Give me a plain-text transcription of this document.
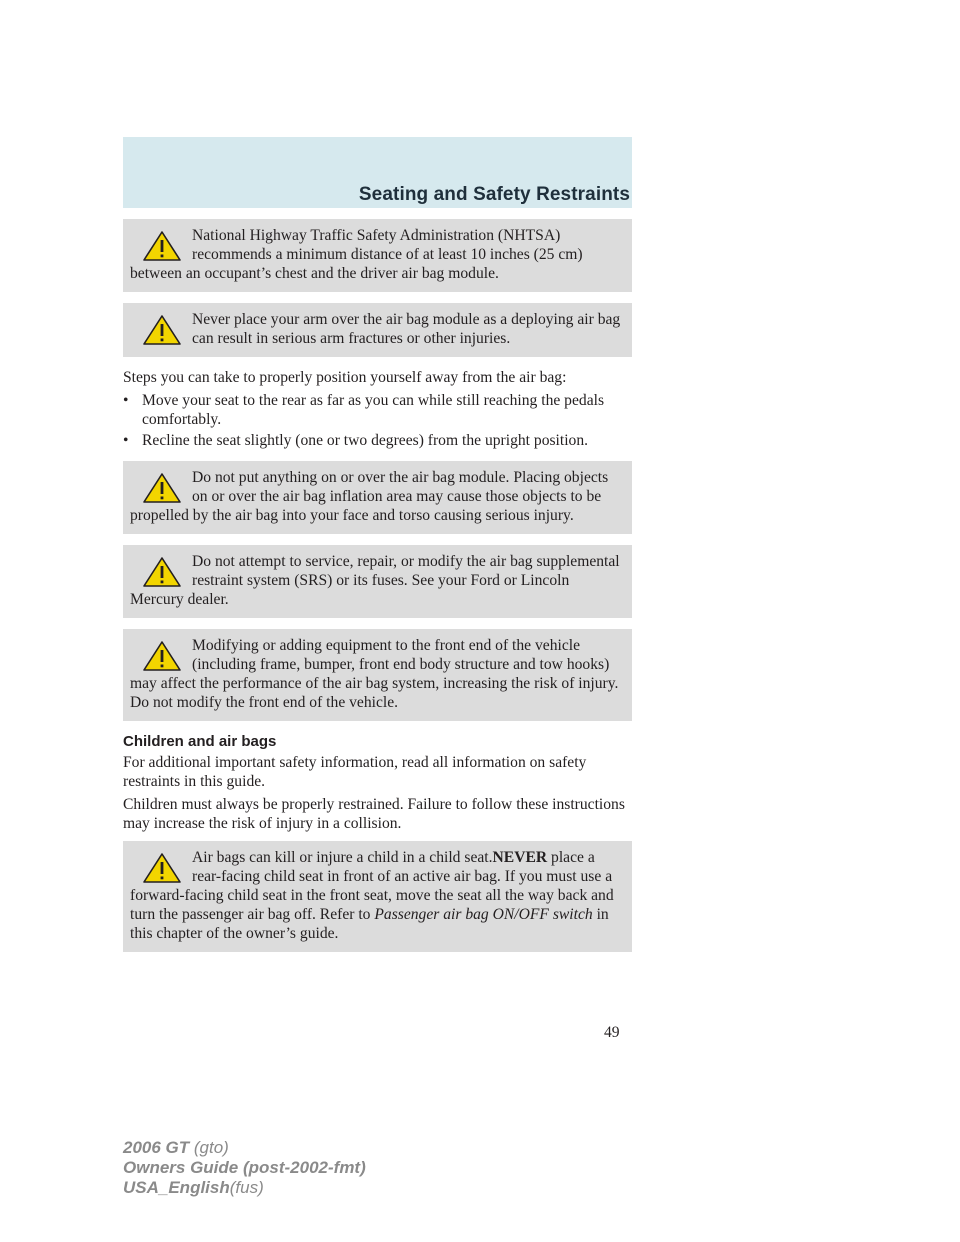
Seating and Safety Restraints
National Highway Traffic Safety Administration (NHTSA) recommends a minimum distance of at least 10 inches (25 cm) between an occupant’s chest and the driver air bag module.
Never place your arm over the air bag module as a deploying air bag can result in serious arm fractures or other injuries.

Steps you can take to properly position yourself away from the air bag:

• Move your seat to the rear as far as you can while still reaching the pedals comfortably.
• Recline the seat slightly (one or two degrees) from the upright position.
Do not put anything on or over the air bag module. Placing objects on or over the air bag inflation area may cause those objects to be propelled by the air bag into your face and torso causing serious injury.
Do not attempt to service, repair, or modify the air bag supplemental restraint system (SRS) or its fuses. See your Ford or Lincoln Mercury dealer.
Modifying or adding equipment to the front end of the vehicle (including frame, bumper, front end body structure and tow hooks) may affect the performance of the air bag system, increasing the risk of injury. Do not modify the front end of the vehicle.
Children and air bags

For additional important safety information, read all information on safety restraints in this guide.

Children must always be properly restrained. Failure to follow these instructions may increase the risk of injury in a collision.

Air bags can kill or injure a child in a child seat.NEVER place a rear-facing child seat in front of an active air bag. If you must use a forward-facing child seat in the front seat, move the seat all the way back and turn the passenger air bag off. Refer to Passenger air bag ON/OFF switch in this chapter of the owner’s guide.
49
2006 GT (gto)
Owners Guide (post-2002-fmt)
USA_English(fus)
